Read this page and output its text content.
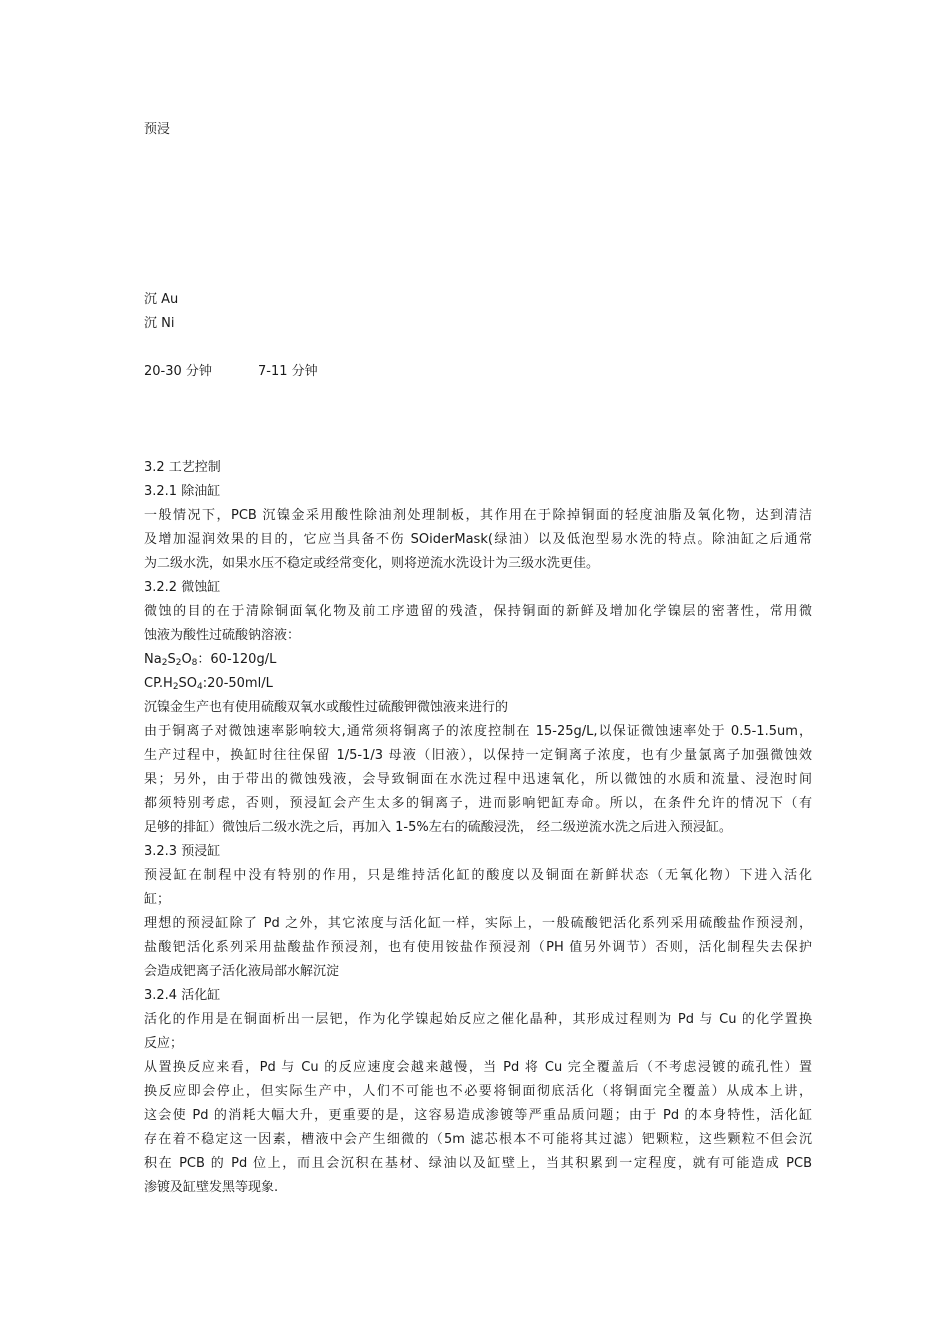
预浸
沉 Au
沉 Ni
20-30 分钟	7-11 分钟
3.2 工艺控制
3.2.1 除油缸
一般情况下，PCB 沉镍金采用酸性除油剂处理制板，其作用在于除掉铜面的轻度油脂及氧化物，达到清洁
及增加湿润效果的目的，它应当具备不伤 SOiderMask(绿油）以及低泡型易水洗的特点。除油缸之后通常
为二级水洗，如果水压不稳定或经常变化，则将逆流水洗设计为三级水洗更佳。
3.2.2 微蚀缸
微蚀的目的在于清除铜面氧化物及前工序遗留的残渣，保持铜面的新鲜及增加化学镍层的密著性，常用微
蚀液为酸性过硫酸钠溶液：
$Na_2S_2O_8$：60-120g/L
$CP.H_2SO_4:20-50ml/L$
沉镍金生产也有使用硫酸双氧水或酸性过硫酸钾微蚀液来进行的
由于铜离子对微蚀速率影响较大,通常须将铜离子的浓度控制在 15-25g/L,以保证微蚀速率处于 0.5-1.5um，
生产过程中，换缸时往往保留 1/5-1/3 母液（旧液），以保持一定铜离子浓度，也有少量氯离子加强微蚀效
果；另外，由于带出的微蚀残液，会导致铜面在水洗过程中迅速氧化，所以微蚀的水质和流量、浸泡时间
都须特别考虑，否则，预浸缸会产生太多的铜离子，进而影响钯缸寿命。所以，在条件允许的情况下（有
足够的排缸）微蚀后二级水洗之后，再加入 1-5%左右的硫酸浸洗， 经二级逆流水洗之后进入预浸缸。
3.2.3 预浸缸
预浸缸在制程中没有特别的作用，只是维持活化缸的酸度以及铜面在新鲜状态（无氧化物）下进入活化
缸；
理想的预浸缸除了 Pd 之外，其它浓度与活化缸一样，实际上，一般硫酸钯活化系列采用硫酸盐作预浸剂，
盐酸钯活化系列采用盐酸盐作预浸剂，也有使用铵盐作预浸剂（PH 值另外调节）否则，活化制程失去保护
会造成钯离子活化液局部水解沉淀
3.2.4 活化缸
活化的作用是在铜面析出一层钯，作为化学镍起始反应之催化晶种，其形成过程则为 Pd 与 Cu 的化学置换
反应；
从置换反应来看，Pd 与 Cu 的反应速度会越来越慢，当 Pd 将 Cu 完全覆盖后（不考虑浸镀的疏孔性）置
换反应即会停止，但实际生产中，人们不可能也不必要将铜面彻底活化（将铜面完全覆盖）从成本上讲，
这会使 Pd 的消耗大幅大升，更重要的是，这容易造成渗镀等严重品质问题；由于 Pd 的本身特性，活化缸
存在着不稳定这一因素，槽液中会产生细微的（5m 滤芯根本不可能将其过滤）钯颗粒，这些颗粒不但会沉
积在 PCB 的 Pd 位上，而且会沉积在基材、绿油以及缸壁上，当其积累到一定程度，就有可能造成 PCB
渗镀及缸壁发黑等现象.
